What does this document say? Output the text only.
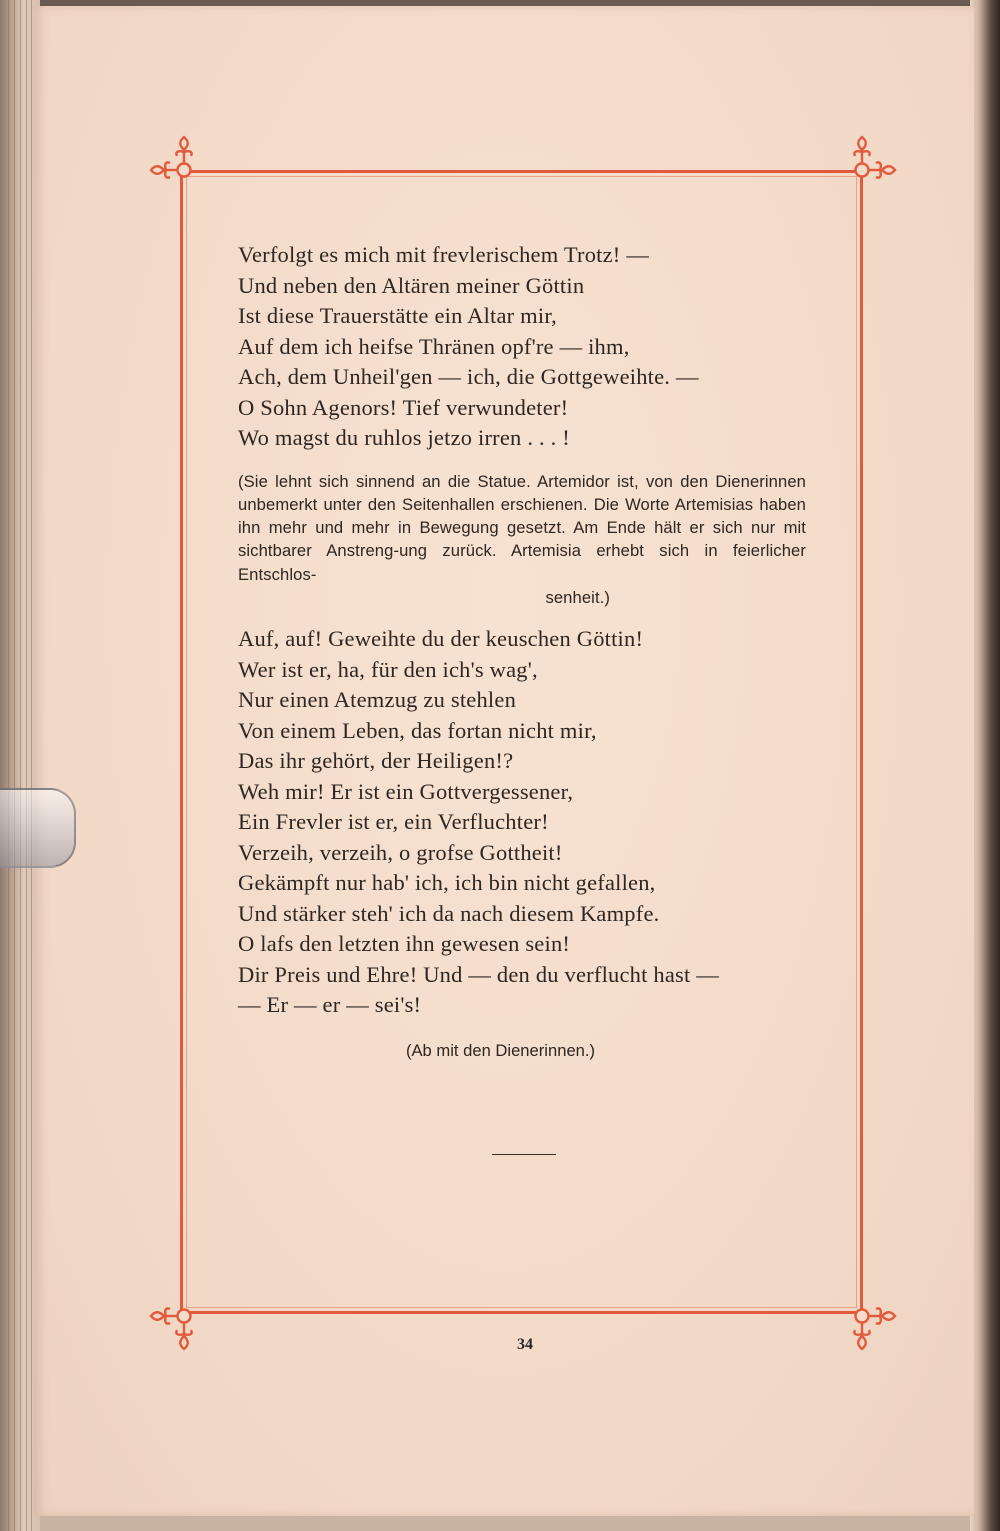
Verfolgt es mich mit frevlerischem Trotz! —
Und neben den Altären meiner Göttin
Ist diese Trauerstätte ein Altar mir,
Auf dem ich heifse Thränen opf're — ihm,
Ach, dem Unheil'gen — ich, die Gottgeweihte. —
O Sohn Agenors! Tief verwundeter!
Wo magst du ruhlos jetzo irren . . . !
(Sie lehnt sich sinnend an die Statue. Artemidor ist, von den Dienerinnen unbemerkt unter den Seitenhallen erschienen. Die Worte Artemisias haben ihn mehr und mehr in Bewegung gesetzt. Am Ende hält er sich nur mit sichtbarer Anstreng-ung zurück. Artemisia erhebt sich in feierlicher Entschlos-
senheit.)
Auf, auf! Geweihte du der keuschen Göttin!
Wer ist er, ha, für den ich's wag',
Nur einen Atemzug zu stehlen
Von einem Leben, das fortan nicht mir,
Das ihr gehört, der Heiligen!?
Weh mir! Er ist ein Gottvergessener,
Ein Frevler ist er, ein Verfluchter!
Verzeih, verzeih, o grofse Gottheit!
Gekämpft nur hab' ich, ich bin nicht gefallen,
Und stärker steh' ich da nach diesem Kampfe.
O lafs den letzten ihn gewesen sein!
Dir Preis und Ehre! Und — den du verflucht hast —
— Er — er — sei's!
(Ab mit den Dienerinnen.)
34
